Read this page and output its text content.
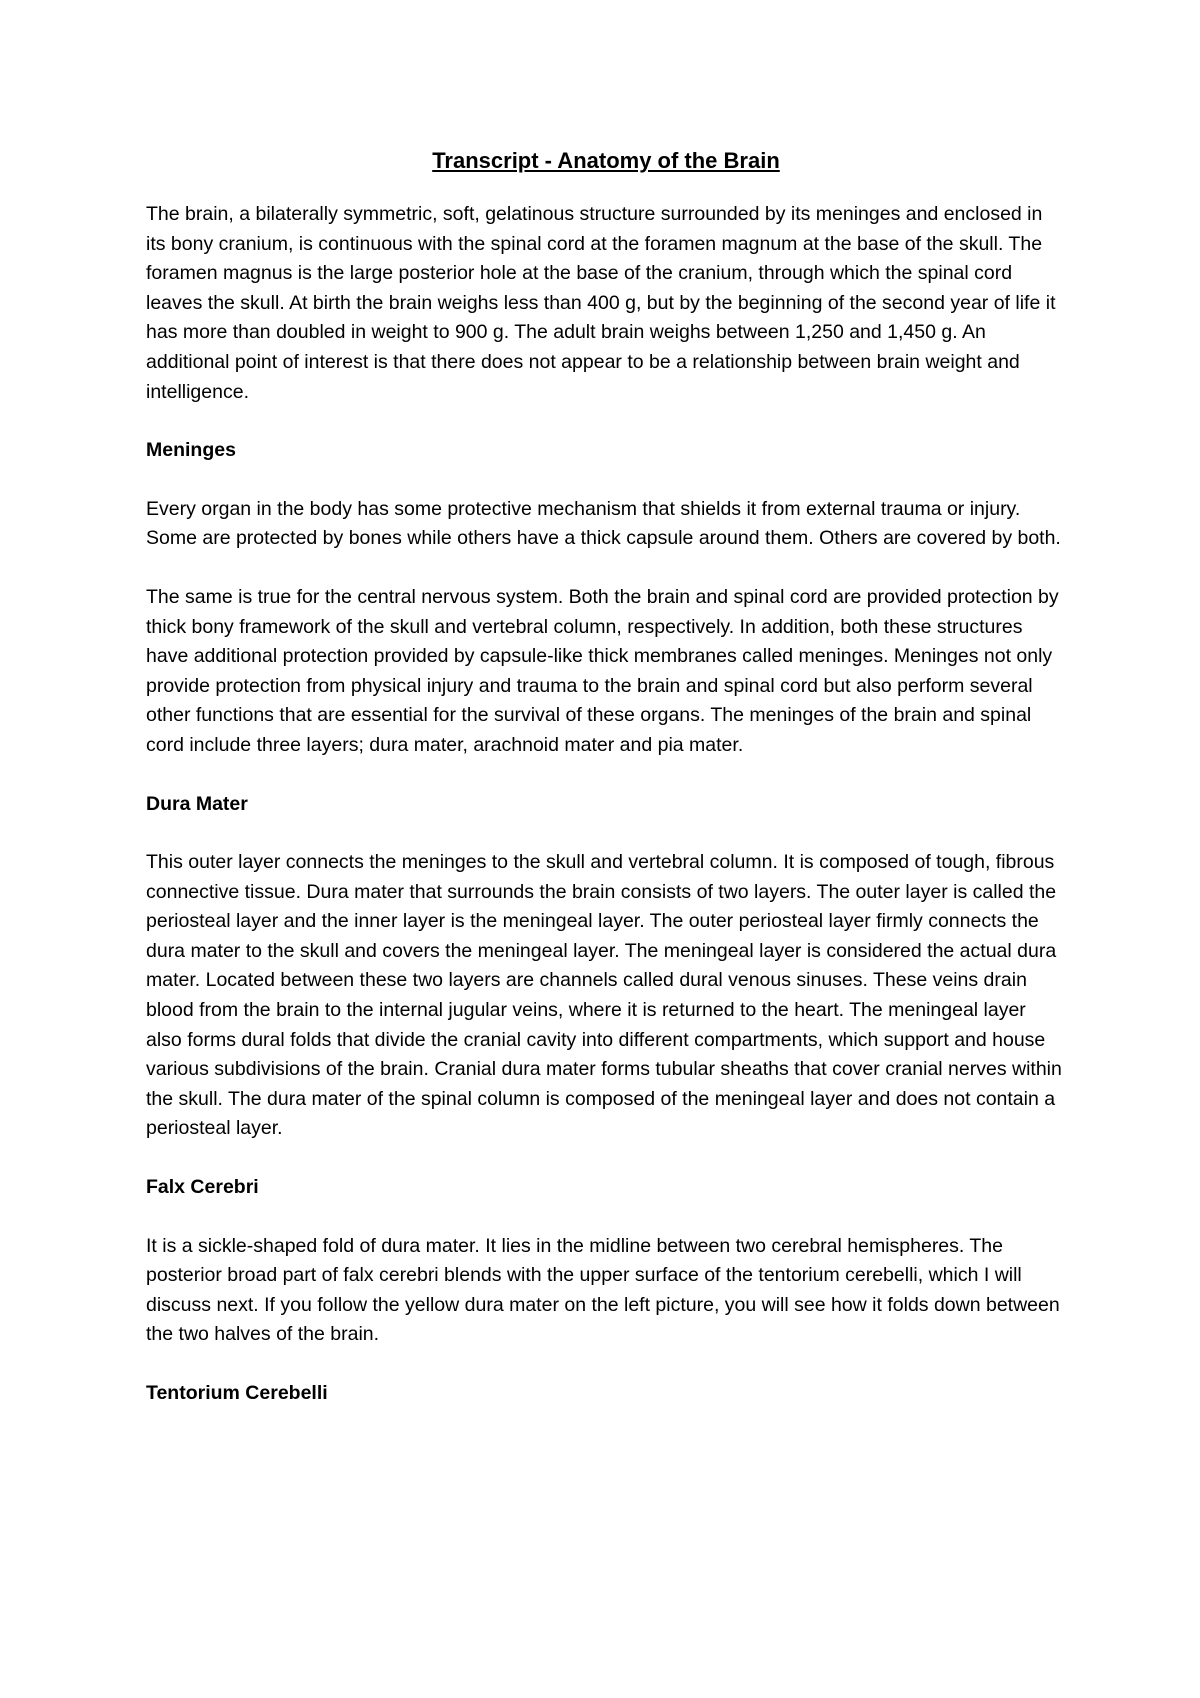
Transcript - Anatomy of the Brain

The brain, a bilaterally symmetric, soft, gelatinous structure surrounded by its meninges and enclosed in its bony cranium, is continuous with the spinal cord at the foramen magnum at the base of the skull. The foramen magnus is the large posterior hole at the base of the cranium, through which the spinal cord leaves the skull. At birth the brain weighs less than 400 g, but by the beginning of the second year of life it has more than doubled in weight to 900 g. The adult brain weighs between 1,250 and 1,450 g. An additional point of interest is that there does not appear to be a relationship between brain weight and intelligence.

Meninges

Every organ in the body has some protective mechanism that shields it from external trauma or injury. Some are protected by bones while others have a thick capsule around them. Others are covered by both.

The same is true for the central nervous system. Both the brain and spinal cord are provided protection by thick bony framework of the skull and vertebral column, respectively. In addition, both these structures have additional protection provided by capsule-like thick membranes called meninges. Meninges not only provide protection from physical injury and trauma to the brain and spinal cord but also perform several other functions that are essential for the survival of these organs. The meninges of the brain and spinal cord include three layers; dura mater, arachnoid mater and pia mater.

Dura Mater

This outer layer connects the meninges to the skull and vertebral column. It is composed of tough, fibrous connective tissue. Dura mater that surrounds the brain consists of two layers. The outer layer is called the periosteal layer and the inner layer is the meningeal layer. The outer periosteal layer firmly connects the dura mater to the skull and covers the meningeal layer. The meningeal layer is considered the actual dura mater. Located between these two layers are channels called dural venous sinuses. These veins drain blood from the brain to the internal jugular veins, where it is returned to the heart. The meningeal layer also forms dural folds that divide the cranial cavity into different compartments, which support and house various subdivisions of the brain. Cranial dura mater forms tubular sheaths that cover cranial nerves within the skull. The dura mater of the spinal column is composed of the meningeal layer and does not contain a periosteal layer.

Falx Cerebri

It is a sickle-shaped fold of dura mater. It lies in the midline between two cerebral hemispheres. The posterior broad part of falx cerebri blends with the upper surface of the tentorium cerebelli, which I will discuss next. If you follow the yellow dura mater on the left picture, you will see how it folds down between the two halves of the brain.

Tentorium Cerebelli
